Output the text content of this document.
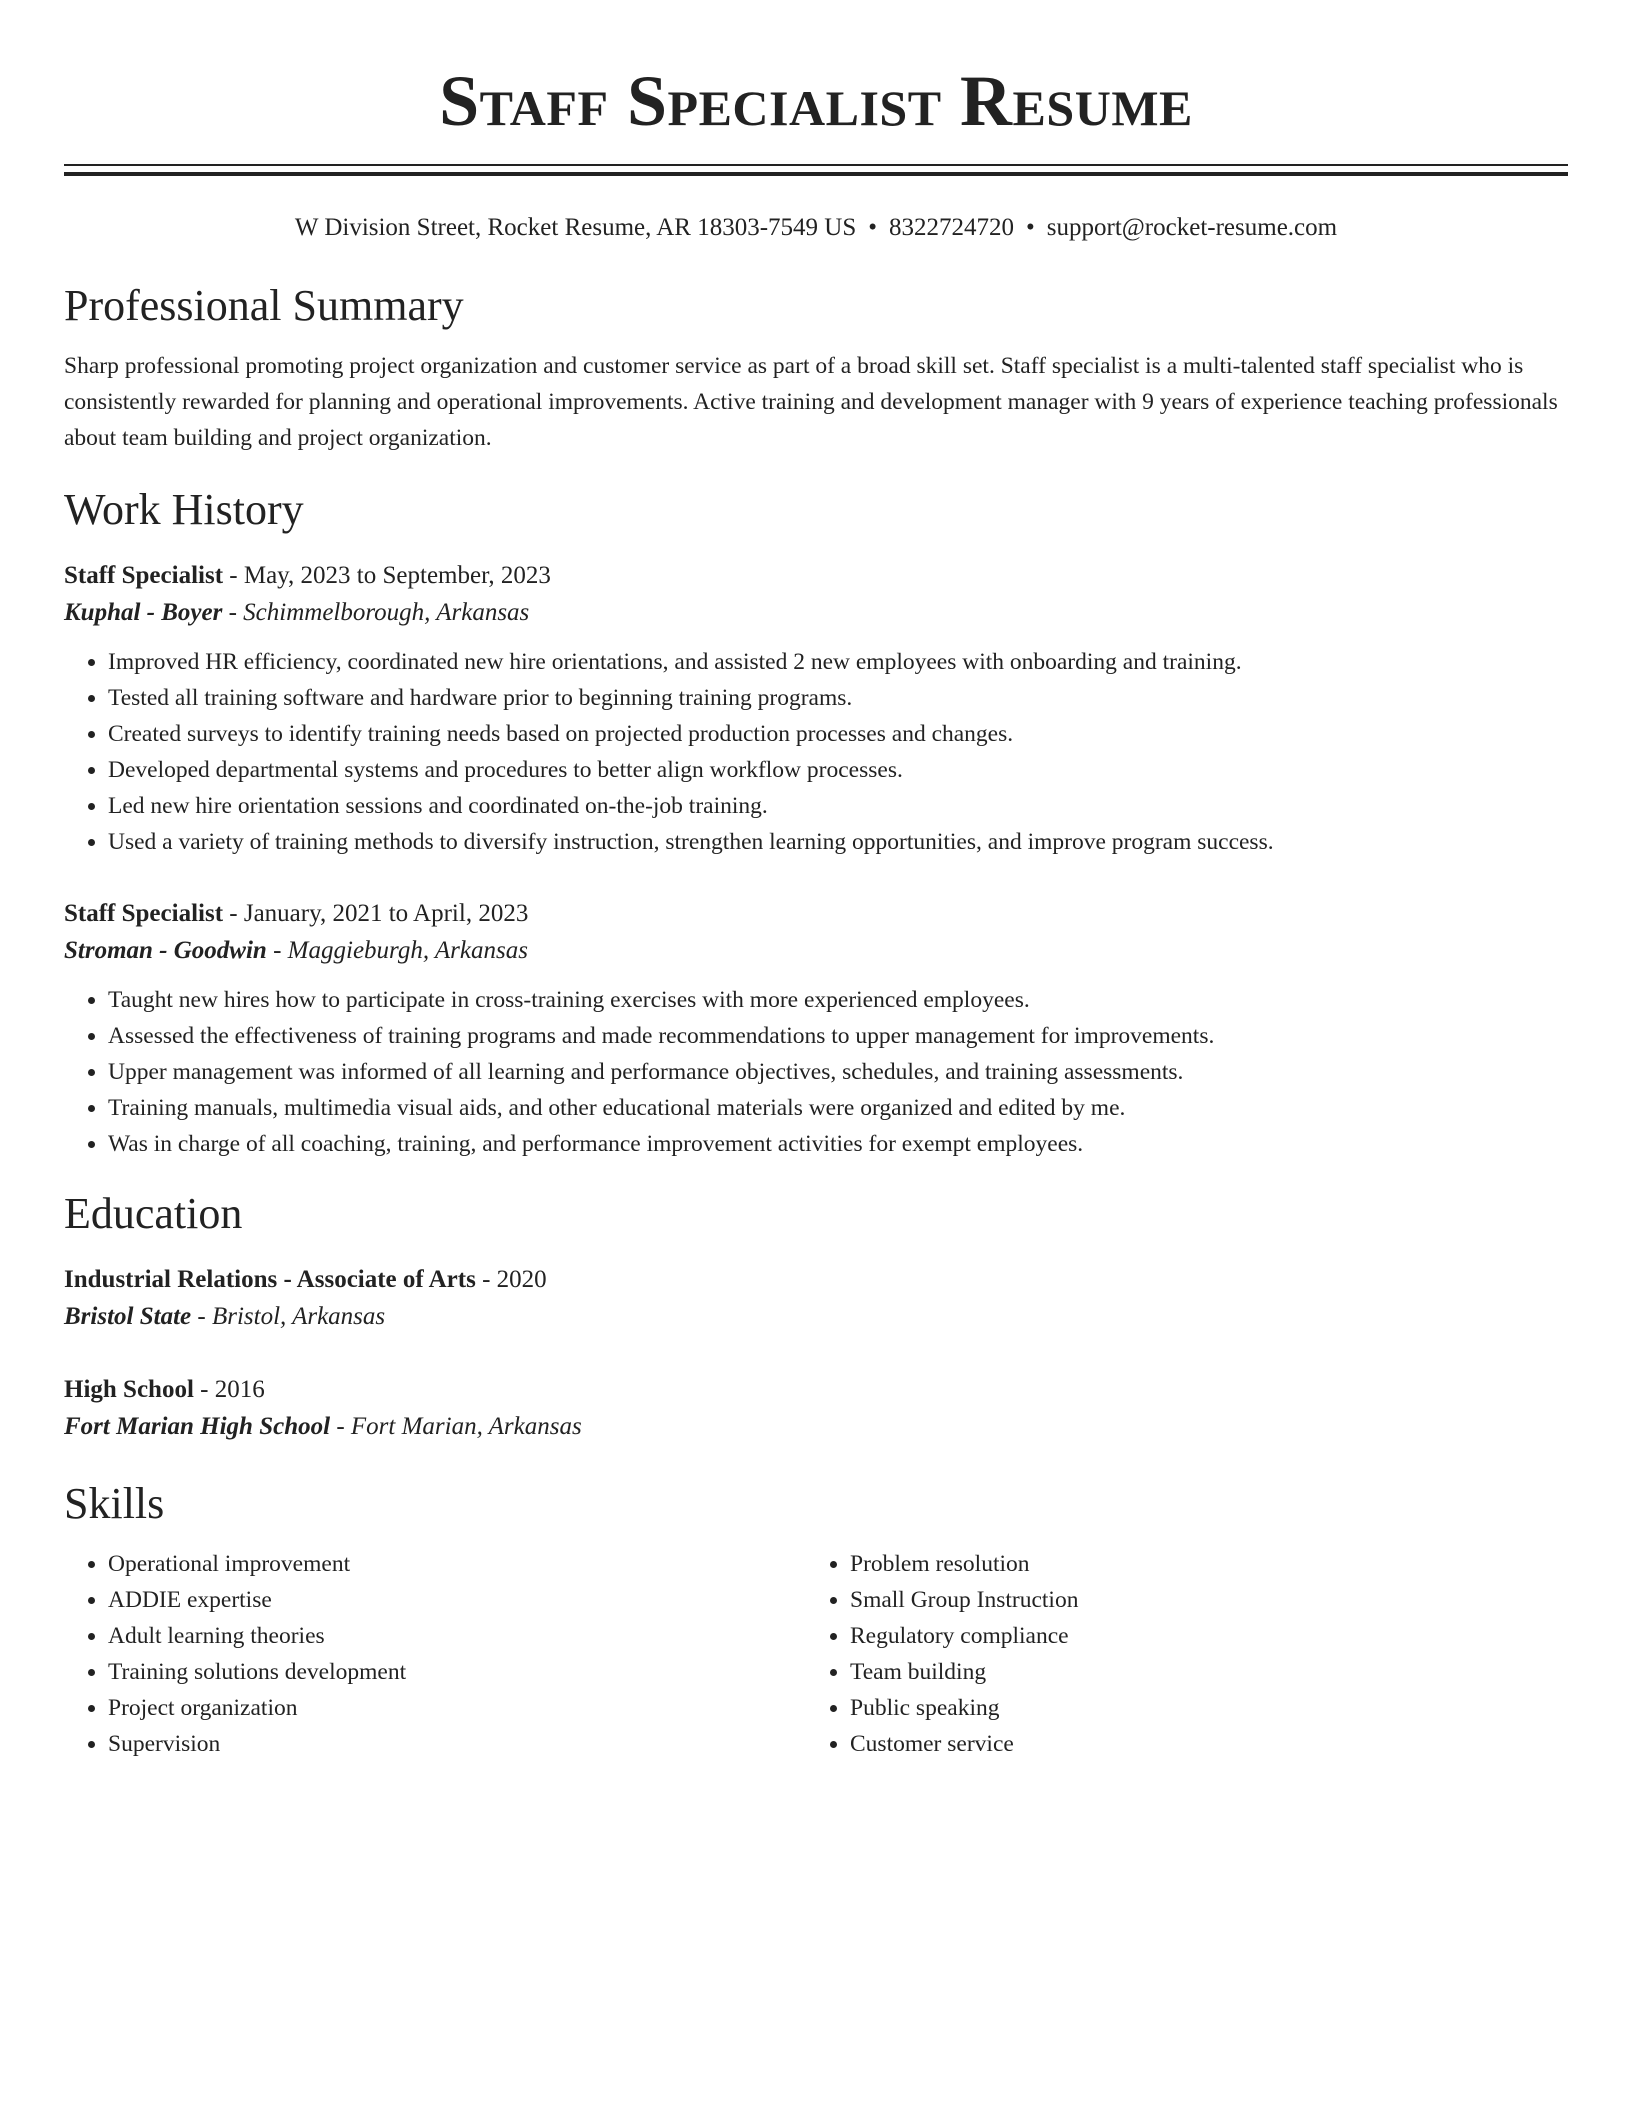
Staff Specialist Resume
W Division Street, Rocket Resume, AR 18303-7549 US • 8322724720 • support@rocket-resume.com
Professional Summary

Sharp professional promoting project organization and customer service as part of a broad skill set. Staff specialist is a multi-talented staff specialist who is consistently rewarded for planning and operational improvements. Active training and development manager with 9 years of experience teaching professionals about team building and project organization.

Work History
Staff Specialist - May, 2023 to September, 2023
Kuphal - Boyer - Schimmelborough, Arkansas
• Improved HR efficiency, coordinated new hire orientations, and assisted 2 new employees with onboarding and training.
• Tested all training software and hardware prior to beginning training programs.
• Created surveys to identify training needs based on projected production processes and changes.
• Developed departmental systems and procedures to better align workflow processes.
• Led new hire orientation sessions and coordinated on-the-job training.
• Used a variety of training methods to diversify instruction, strengthen learning opportunities, and improve program success.
Staff Specialist - January, 2021 to April, 2023
Stroman - Goodwin - Maggieburgh, Arkansas
• Taught new hires how to participate in cross-training exercises with more experienced employees.
• Assessed the effectiveness of training programs and made recommendations to upper management for improvements.
• Upper management was informed of all learning and performance objectives, schedules, and training assessments.
• Training manuals, multimedia visual aids, and other educational materials were organized and edited by me.
• Was in charge of all coaching, training, and performance improvement activities for exempt employees.
Education
Industrial Relations - Associate of Arts - 2020
Bristol State - Bristol, Arkansas
High School - 2016
Fort Marian High School - Fort Marian, Arkansas
Skills
• Operational improvement
• ADDIE expertise
• Adult learning theories
• Training solutions development
• Project organization
• Supervision
• Problem resolution
• Small Group Instruction
• Regulatory compliance
• Team building
• Public speaking
• Customer service
